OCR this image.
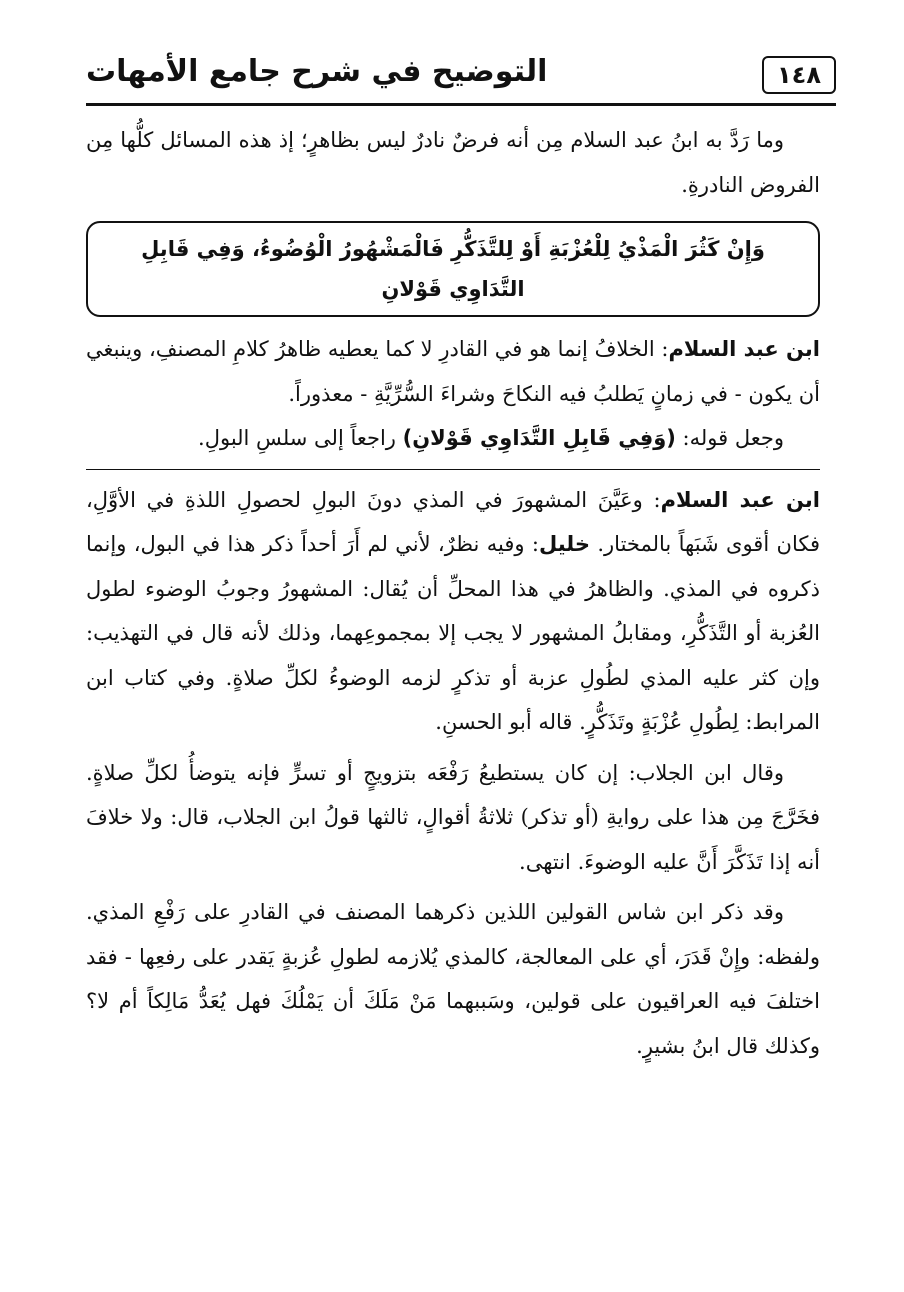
١٤٨
التوضيح في شرح جامع الأمهات

وما رَدَّ به ابنُ عبد السلام مِن أنه فرضٌ نادرٌ ليس بظاهرٍ؛ إذ هذه المسائل كلُّها مِن الفروض النادرةِ.

وَإِنْ كَثُرَ الْمَذْيُ لِلْعُزْبَةِ أَوْ لِلتَّذَكُّرِ فَالْمَشْهُورُ الْوُضُوءُ، وَفِي قَابِلِ التَّدَاوِي قَوْلانِ

ابن عبد السلام: الخلافُ إنما هو في القادرِ لا كما يعطيه ظاهرُ كلامِ المصنفِ، وينبغي أن يكون - في زمانٍ يَطلبُ فيه النكاحَ وشراءَ السُّرِّيَّةِ - معذوراً.

وجعل قوله: (وَفِي قَابِلِ التَّدَاوِي قَوْلانِ) راجعاً إلى سلسِ البولِ.

ابن عبد السلام: وعَيَّنَ المشهورَ في المذي دونَ البولِ لحصولِ اللذةِ في الأوَّلِ، فكان أقوى شَبَهاً بالمختار. خليل: وفيه نظرٌ، لأني لم أَرَ أحداً ذكر هذا في البول، وإنما ذكروه في المذي. والظاهرُ في هذا المحلِّ أن يُقال: المشهورُ وجوبُ الوضوء لطول العُزبة أو التَّذَكُّرِ، ومقابلُ المشهور لا يجب إلا بمجموعِهما، وذلك لأنه قال في التهذيب: وإن كثر عليه المذي لطُولِ عزبة أو تذكرٍ لزمه الوضوءُ لكلِّ صلاةٍ. وفي كتاب ابن المرابط: لِطُولِ عُزْبَةٍ وتَذَكُّرٍ. قاله أبو الحسنِ.

وقال ابن الجلاب: إن كان يستطيعُ رَفْعَه بتزويجٍ أو تسرٍّ فإنه يتوضأُ لكلِّ صلاةٍ. فخَرَّجَ مِن هذا على روايةِ (أو تذكر) ثلاثةُ أقوالٍ، ثالثها قولُ ابن الجلاب، قال: ولا خلافَ أنه إذا تَذَكَّرَ أَنَّ عليه الوضوءَ. انتهى.

وقد ذكر ابن شاس القولين اللذين ذكرهما المصنف في القادرِ على رَفْعِ المذي. ولفظه: وإِنْ قَدَرَ، أي على المعالجة، كالمذي يُلازمه لطولِ عُزبةٍ يَقدر على رفعِها - فقد اختلفَ فيه العراقيون على قولين، وسَببهما مَنْ مَلَكَ أن يَمْلُكَ فهل يُعَدُّ مَالِكاً أم لا؟ وكذلك قال ابنُ بشيرٍ.
